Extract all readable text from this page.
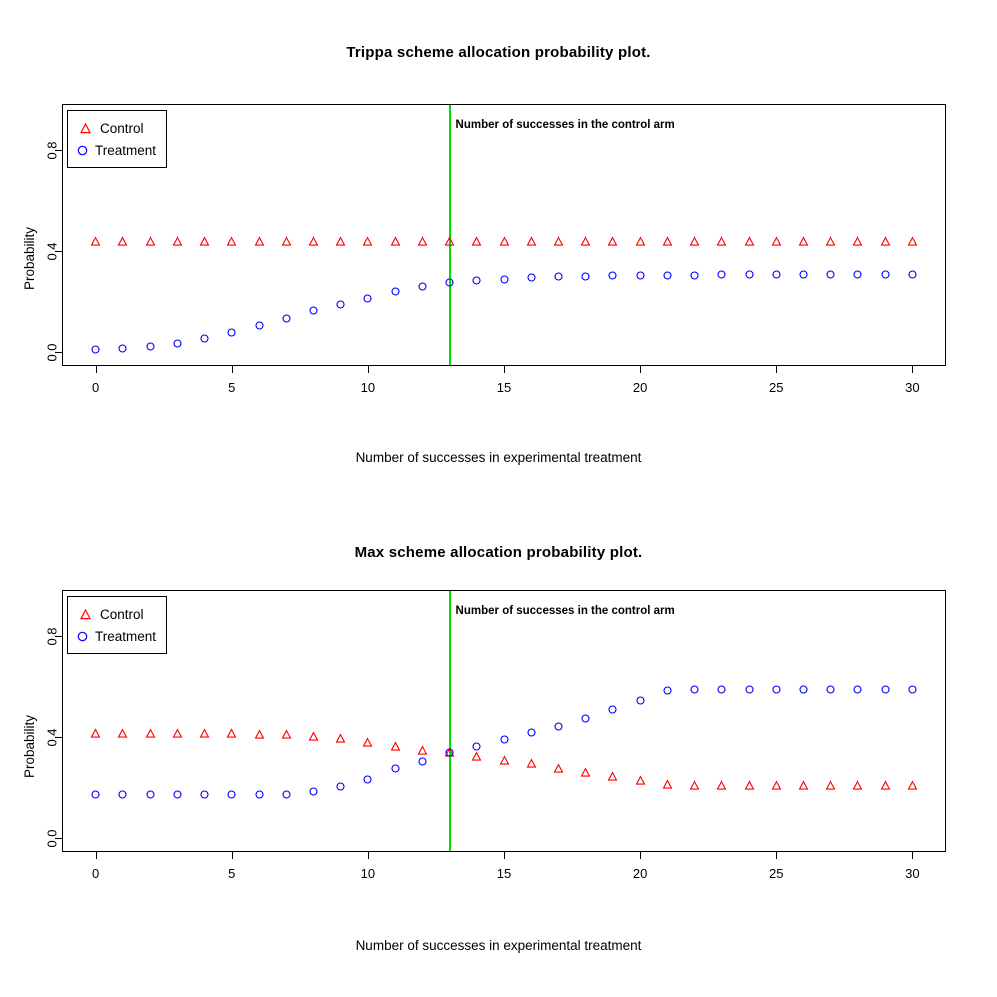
Trippa scheme allocation probability plot.
Probability
Number of successes in experimental treatment
Number of successes in the control arm
0	5	10	15	20	25	30
0.0
0.4
0.8
Control
Treatment
Max scheme allocation probability plot.
Probability
Number of successes in experimental treatment
Number of successes in the control arm
0	5	10	15	20	25	30
0.0
0.4
0.8
Control
Treatment
